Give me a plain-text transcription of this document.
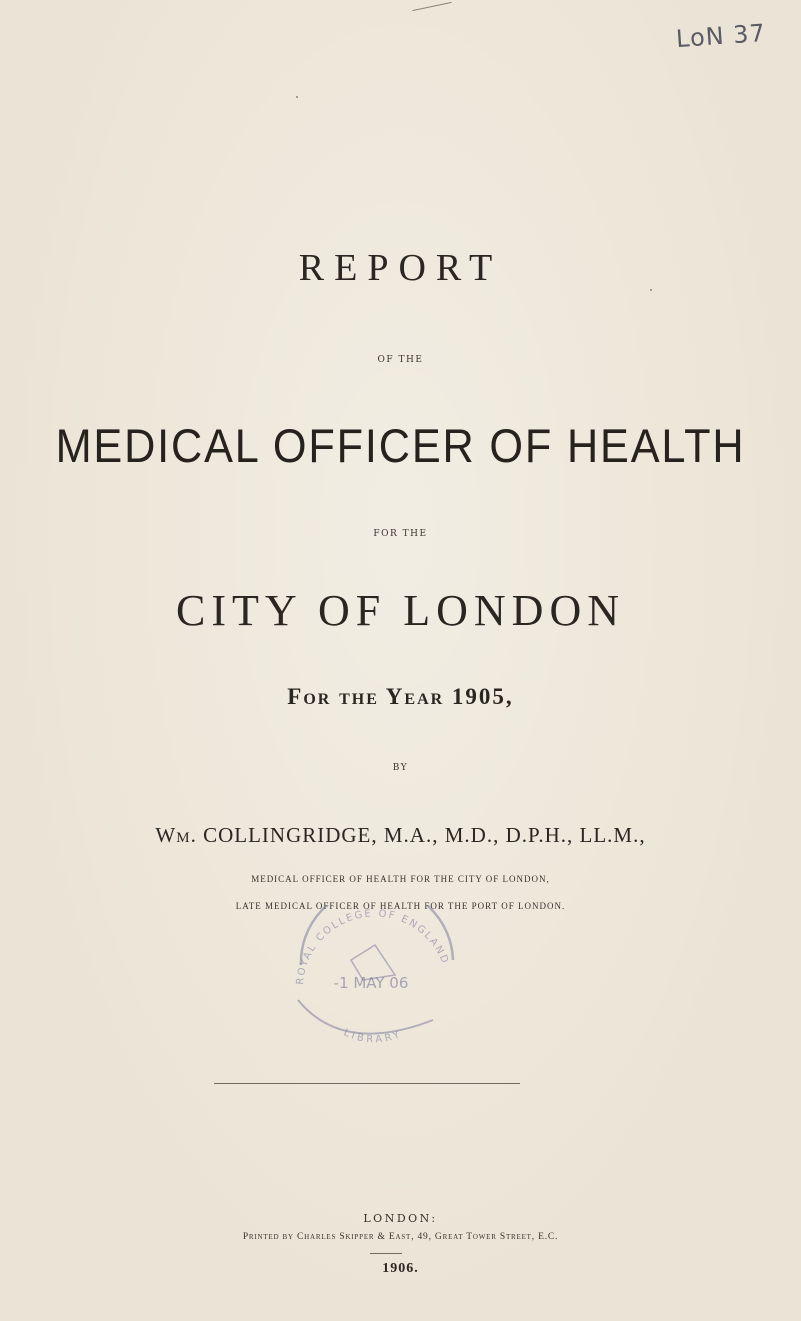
LoN 37
REPORT
OF THE
MEDICAL OFFICER OF HEALTH
FOR THE
CITY OF LONDON
For the Year 1905,
BY
Wm. COLLINGRIDGE, M.A., M.D., D.P.H., LL.M.,
MEDICAL OFFICER OF HEALTH FOR THE CITY OF LONDON,
LATE MEDICAL OFFICER OF HEALTH FOR THE PORT OF LONDON.
ROYAL COLLEGE OF ENGLAND
-1 MAY 06
LIBRARY
LONDON:
Printed by Charles Skipper & East, 49, Great Tower Street, E.C.
1906.
